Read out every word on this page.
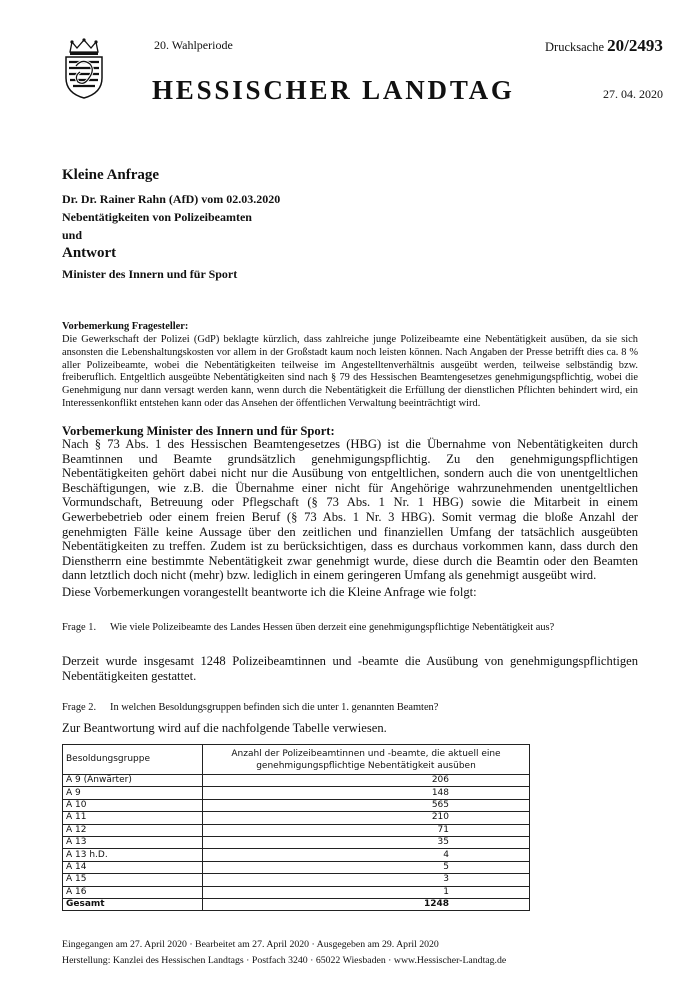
20. Wahlperiode	Drucksache 20/2493
HESSISCHER LANDTAG	27. 04. 2020
Kleine Anfrage
Dr. Dr. Rainer Rahn (AfD) vom 02.03.2020
Nebentätigkeiten von Polizeibeamten
und
Antwort
Minister des Innern und für Sport
Vorbemerkung Fragesteller:
Die Gewerkschaft der Polizei (GdP) beklagte kürzlich, dass zahlreiche junge Polizeibeamte eine Nebentätigkeit ausüben, da sie sich ansonsten die Lebenshaltungskosten vor allem in der Großstadt kaum noch leisten können. Nach Angaben der Presse betrifft dies ca. 8 % aller Polizeibeamte, wobei die Nebentätigkeiten teilweise im Angestelltenverhältnis ausgeübt werden, teilweise selbständig bzw. freiberuflich. Entgeltlich ausgeübte Nebentätigkeiten sind nach § 79 des Hessischen Beamtengesetzes genehmigungspflichtig, wobei die Genehmigung nur dann versagt werden kann, wenn durch die Nebentätigkeit die Erfüllung der dienstlichen Pflichten behindert wird, ein Interessenkonflikt entstehen kann oder das Ansehen der öffentlichen Verwaltung beeinträchtigt wird.
Vorbemerkung Minister des Innern und für Sport:
Nach § 73 Abs. 1 des Hessischen Beamtengesetzes (HBG) ist die Übernahme von Nebentätigkeiten durch Beamtinnen und Beamte grundsätzlich genehmigungspflichtig. Zu den genehmigungspflichtigen Nebentätigkeiten gehört dabei nicht nur die Ausübung von entgeltlichen, sondern auch die von unentgeltlichen Beschäftigungen, wie z.B. die Übernahme einer nicht für Angehörige wahrzunehmenden unentgeltlichen Vormundschaft, Betreuung oder Pflegschaft (§ 73 Abs. 1 Nr. 1 HBG) sowie die Mitarbeit in einem Gewerbebetrieb oder einem freien Beruf (§ 73 Abs. 1 Nr. 3 HBG). Somit vermag die bloße Anzahl der genehmigten Fälle keine Aussage über den zeitlichen und finanziellen Umfang der tatsächlich ausgeübten Nebentätigkeiten zu treffen. Zudem ist zu berücksichtigen, dass es durchaus vorkommen kann, dass durch den Dienstherrn eine bestimmte Nebentätigkeit zwar genehmigt wurde, diese durch die Beamtin oder den Beamten dann letztlich doch nicht (mehr) bzw. lediglich in einem geringeren Umfang als genehmigt ausgeübt wird.
Diese Vorbemerkungen vorangestellt beantworte ich die Kleine Anfrage wie folgt:
Frage 1. Wie viele Polizeibeamte des Landes Hessen üben derzeit eine genehmigungspflichtige Nebentätigkeit aus?
Derzeit wurde insgesamt 1248 Polizeibeamtinnen und -beamte die Ausübung von genehmigungspflichtigen Nebentätigkeiten gestattet.
Frage 2. In welchen Besoldungsgruppen befinden sich die unter 1. genannten Beamten?
Zur Beantwortung wird auf die nachfolgende Tabelle verwiesen.
Besoldungsgruppe	Anzahl der Polizeibeamtinnen und -beamte, die aktuell eine genehmigungspflichtige Nebentätigkeit ausüben
A 9 (Anwärter)	206
A 9	148
A 10	565
A 11	210
A 12	71
A 13	35
A 13 h.D.	4
A 14	5
A 15	3
A 16	1
Gesamt	1248
Eingegangen am 27. April 2020 · Bearbeitet am 27. April 2020 · Ausgegeben am 29. April 2020
Herstellung: Kanzlei des Hessischen Landtags · Postfach 3240 · 65022 Wiesbaden · www.Hessischer-Landtag.de
